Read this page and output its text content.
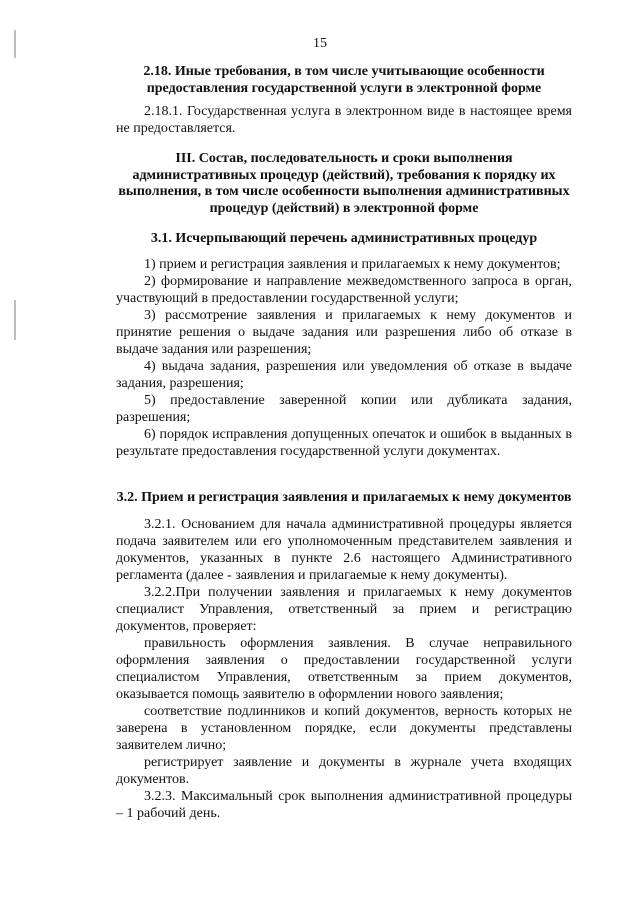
15
2.18. Иные требования, в том числе учитывающие особенности предоставления государственной услуги в электронной форме

2.18.1. Государственная услуга в электронном виде в настоящее время не предоставляется.

III. Состав, последовательность и сроки выполнения административных процедур (действий), требования к порядку их выполнения, в том числе особенности выполнения административных процедур (действий) в электронной форме
3.1. Исчерпывающий перечень административных процедур

1) прием и регистрация заявления и прилагаемых к нему документов;

2) формирование и направление межведомственного запроса в орган, участвующий в предоставлении государственной услуги;

3) рассмотрение заявления и прилагаемых к нему документов и принятие решения о выдаче задания или разрешения либо об отказе в выдаче задания или разрешения;

4) выдача задания, разрешения или уведомления об отказе в выдаче задания, разрешения;

5) предоставление заверенной копии или дубликата задания, разрешения;

6) порядок исправления допущенных опечаток и ошибок в выданных в результате предоставления государственной услуги документах.

3.2. Прием и регистрация заявления и прилагаемых к нему документов

3.2.1. Основанием для начала административной процедуры является подача заявителем или его уполномоченным представителем заявления и документов, указанных в пункте 2.6 настоящего Административного регламента (далее - заявления и прилагаемые к нему документы).

3.2.2.При получении заявления и прилагаемых к нему документов специалист Управления, ответственный за прием и регистрацию документов, проверяет:

правильность оформления заявления. В случае неправильного оформления заявления о предоставлении государственной услуги специалистом Управления, ответственным за прием документов, оказывается помощь заявителю в оформлении нового заявления;

соответствие подлинников и копий документов, верность которых не заверена в установленном порядке, если документы представлены заявителем лично;

регистрирует заявление и документы в журнале учета входящих документов.

3.2.3. Максимальный срок выполнения административной процедуры – 1 рабочий день.
